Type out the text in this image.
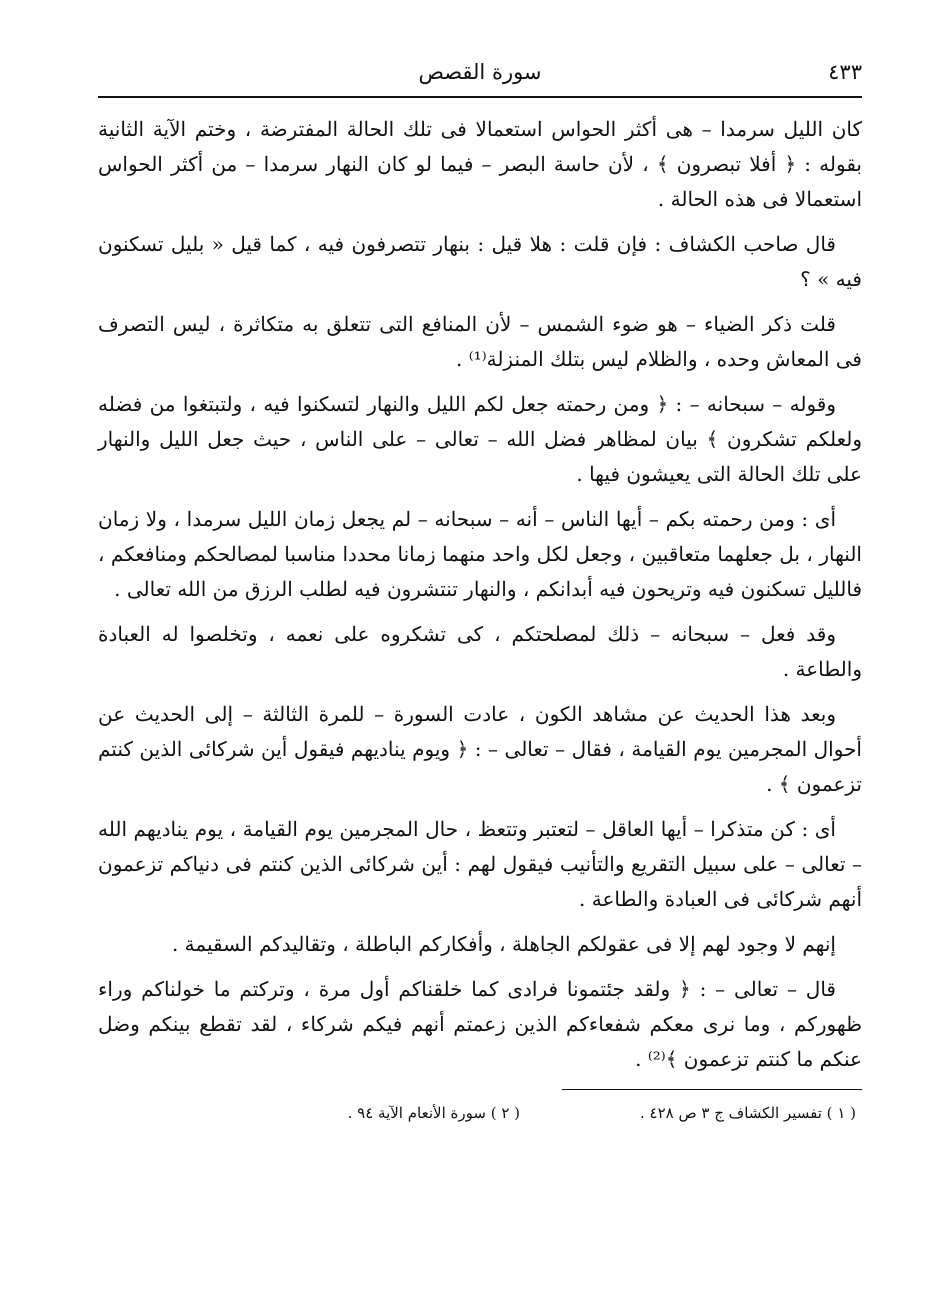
٤٣٣
سورة القصص

كان الليل سرمدا – هى أكثر الحواس استعمالا فى تلك الحالة المفترضة ، وختم الآية الثانية بقوله : ﴿ أفلا تبصرون ﴾ ، لأن حاسة البصر – فيما لو كان النهار سرمدا – من أكثر الحواس استعمالا فى هذه الحالة .

قال صاحب الكشاف : فإن قلت : هلا قيل : بنهار تتصرفون فيه ، كما قيل « بليل تسكنون فيه » ؟

قلت ذكر الضياء – هو ضوء الشمس – لأن المنافع التى تتعلق به متكاثرة ، ليس التصرف فى المعاش وحده ، والظلام ليس بتلك المنزلة⁽¹⁾ .

وقوله – سبحانه – : ﴿ ومن رحمته جعل لكم الليل والنهار لتسكنوا فيه ، ولتبتغوا من فضله ولعلكم تشكرون ﴾ بيان لمظاهر فضل الله – تعالى – على الناس ، حيث جعل الليل والنهار على تلك الحالة التى يعيشون فيها .

أى : ومن رحمته بكم – أيها الناس – أنه – سبحانه – لم يجعل زمان الليل سرمدا ، ولا زمان النهار ، بل جعلهما متعاقبين ، وجعل لكل واحد منهما زمانا محددا مناسبا لمصالحكم ومنافعكم ، فالليل تسكنون فيه وتريحون فيه أبدانكم ، والنهار تنتشرون فيه لطلب الرزق من الله تعالى .

وقد فعل – سبحانه – ذلك لمصلحتكم ، كى تشكروه على نعمه ، وتخلصوا له العبادة والطاعة .

وبعد هذا الحديث عن مشاهد الكون ، عادت السورة – للمرة الثالثة – إلى الحديث عن أحوال المجرمين يوم القيامة ، فقال – تعالى – : ﴿ ويوم يناديهم فيقول أين شركائى الذين كنتم تزعمون ﴾ .

أى : كن متذكرا – أيها العاقل – لتعتبر وتتعظ ، حال المجرمين يوم القيامة ، يوم يناديهم الله – تعالى – على سبيل التقريع والتأنيب فيقول لهم : أين شركائى الذين كنتم فى دنياكم تزعمون أنهم شركائى فى العبادة والطاعة .

إنهم لا وجود لهم إلا فى عقولكم الجاهلة ، وأفكاركم الباطلة ، وتقاليدكم السقيمة .

قال – تعالى – : ﴿ ولقد جئتمونا فرادى كما خلقناكم أول مرة ، وتركتم ما خولناكم وراء ظهوركم ، وما نرى معكم شفعاءكم الذين زعمتم أنهم فيكم شركاء ، لقد تقطع بينكم وضل عنكم ما كنتم تزعمون ﴾⁽²⁾ .

( ١ ) تفسير الكشاف ج ٣ ص ٤٢٨ .
( ٢ ) سورة الأنعام الآية ٩٤ .
